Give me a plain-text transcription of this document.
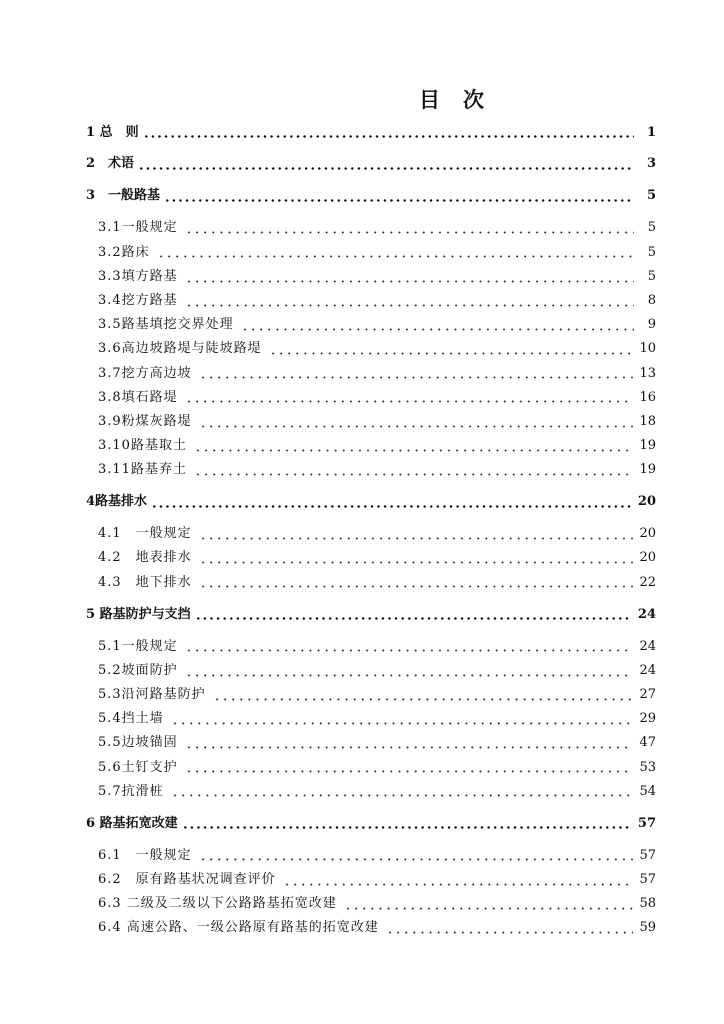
目　次
1 总　则	1
2　术语	3
3　一般路基	5
3.1一般规定	5
3.2路床	5
3.3填方路基	5
3.4挖方路基	8
3.5路基填挖交界处理	9
3.6高边坡路堤与陡坡路堤	10
3.7挖方高边坡	13
3.8填石路堤	16
3.9粉煤灰路堤	18
3.10路基取土	19
3.11路基弃土	19
4路基排水	20
4.1　一般规定	20
4.2　地表排水	20
4.3　地下排水	22
5 路基防护与支挡	24
5.1一般规定	24
5.2坡面防护	24
5.3沿河路基防护	27
5.4挡土墙	29
5.5边坡锚固	47
5.6土钉支护	53
5.7抗滑桩	54
6 路基拓宽改建	57
6.1　一般规定	57
6.2　原有路基状况调查评价	57
6.3 二级及二级以下公路路基拓宽改建	58
6.4 高速公路、一级公路原有路基的拓宽改建	59
